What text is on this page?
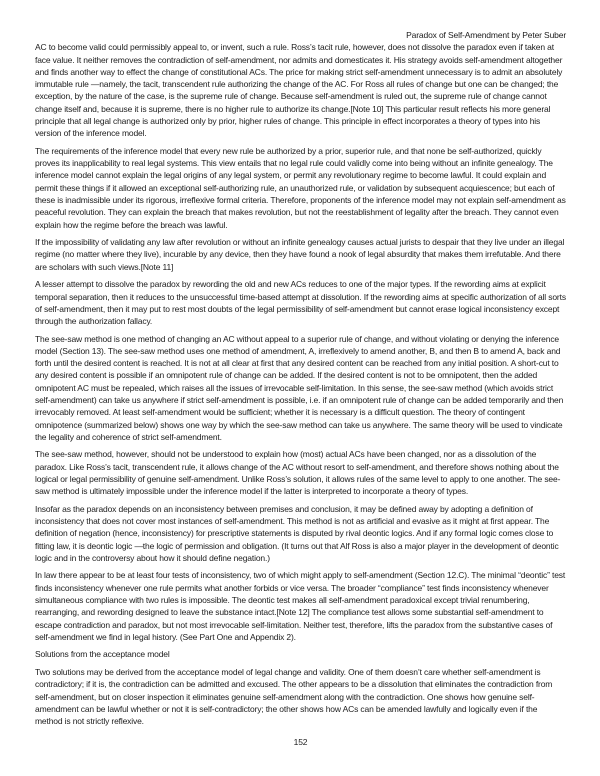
Paradox of Self-Amendment by Peter Suber

AC to become valid could permissibly appeal to, or invent, such a rule. Ross’s tacit rule, however, does not dissolve the paradox even if taken at face value. It neither removes the contradiction of self-amendment, nor admits and domesticates it. His strategy avoids self-amendment altogether and finds another way to effect the change of constitutional ACs. The price for making strict self-amendment unnecessary is to admit an absolutely immutable rule —namely, the tacit, transcendent rule authorizing the change of the AC. For Ross all rules of change but one can be changed; the exception, by the nature of the case, is the supreme rule of change. Because self-amendment is ruled out, the supreme rule of change cannot change itself and, because it is supreme, there is no higher rule to authorize its change.[Note 10] This particular result reflects his more general principle that all legal change is authorized only by prior, higher rules of change. This principle in effect incorporates a theory of types into his version of the inference model.

The requirements of the inference model that every new rule be authorized by a prior, superior rule, and that none be self-authorized, quickly proves its inapplicability to real legal systems. This view entails that no legal rule could validly come into being without an infinite genealogy. The inference model cannot explain the legal origins of any legal system, or permit any revolutionary regime to become lawful. It could explain and permit these things if it allowed an exceptional self-authorizing rule, an unauthorized rule, or validation by subsequent acquiescence; but each of these is inadmissible under its rigorous, irreflexive formal criteria. Therefore, proponents of the inference model may not explain self-amendment as peaceful revolution. They can explain the breach that makes revolution, but not the reestablishment of legality after the breach. They cannot even explain how the regime before the breach was lawful.

If the impossibility of validating any law after revolution or without an infinite genealogy causes actual jurists to despair that they live under an illegal regime (no matter where they live), incurable by any device, then they have found a nook of legal absurdity that makes them irrefutable. And there are scholars with such views.[Note 11]

A lesser attempt to dissolve the paradox by rewording the old and new ACs reduces to one of the major types. If the rewording aims at explicit temporal separation, then it reduces to the unsuccessful time-based attempt at dissolution. If the rewording aims at specific authorization of all sorts of self-amendment, then it may put to rest most doubts of the legal permissibility of self-amendment but cannot erase logical inconsistency except through the authorization fallacy.

The see-saw method is one method of changing an AC without appeal to a superior rule of change, and without violating or denying the inference model (Section 13). The see-saw method uses one method of amendment, A, irreflexively to amend another, B, and then B to amend A, back and forth until the desired content is reached. It is not at all clear at first that any desired content can be reached from any initial position. A short-cut to any desired content is possible if an omnipotent rule of change can be added. If the desired content is not to be omnipotent, then the added omnipotent AC must be repealed, which raises all the issues of irrevocable self-limitation. In this sense, the see-saw method (which avoids strict self-amendment) can take us anywhere if strict self-amendment is possible, i.e. if an omnipotent rule of change can be added temporarily and then irrevocably removed. At least self-amendment would be sufficient; whether it is necessary is a difficult question. The theory of contingent omnipotence (summarized below) shows one way by which the see-saw method can take us anywhere. The same theory will be used to vindicate the legality and coherence of strict self-amendment.

The see-saw method, however, should not be understood to explain how (most) actual ACs have been changed, nor as a dissolution of the paradox. Like Ross’s tacit, transcendent rule, it allows change of the AC without resort to self-amendment, and therefore shows nothing about the logical or legal permissibility of genuine self-amendment. Unlike Ross’s solution, it allows rules of the same level to apply to one another. The see-saw method is ultimately impossible under the inference model if the latter is interpreted to incorporate a theory of types.

Insofar as the paradox depends on an inconsistency between premises and conclusion, it may be defined away by adopting a definition of inconsistency that does not cover most instances of self-amendment. This method is not as artificial and evasive as it might at first appear. The definition of negation (hence, inconsistency) for prescriptive statements is disputed by rival deontic logics. And if any formal logic comes close to fitting law, it is deontic logic —the logic of permission and obligation. (It turns out that Alf Ross is also a major player in the development of deontic logic and in the controversy about how it should define negation.)

In law there appear to be at least four tests of inconsistency, two of which might apply to self-amendment (Section 12.C). The minimal “deontic” test finds inconsistency whenever one rule permits what another forbids or vice versa. The broader “compliance” test finds inconsistency whenever simultaneous compliance with two rules is impossible. The deontic test makes all self-amendment paradoxical except trivial renumbering, rearranging, and rewording designed to leave the substance intact.[Note 12] The compliance test allows some substantial self-amendment to escape contradiction and paradox, but not most irrevocable self-limitation. Neither test, therefore, lifts the paradox from the substantive cases of self-amendment we find in legal history. (See Part One and Appendix 2).

Solutions from the acceptance model

Two solutions may be derived from the acceptance model of legal change and validity. One of them doesn’t care whether self-amendment is contradictory; if it is, the contradiction can be admitted and excused. The other appears to be a dissolution that eliminates the contradiction from self-amendment, but on closer inspection it eliminates genuine self-amendment along with the contradiction. One shows how genuine self-amendment can be lawful whether or not it is self-contradictory; the other shows how ACs can be amended lawfully and logically even if the method is not strictly reflexive.

152
